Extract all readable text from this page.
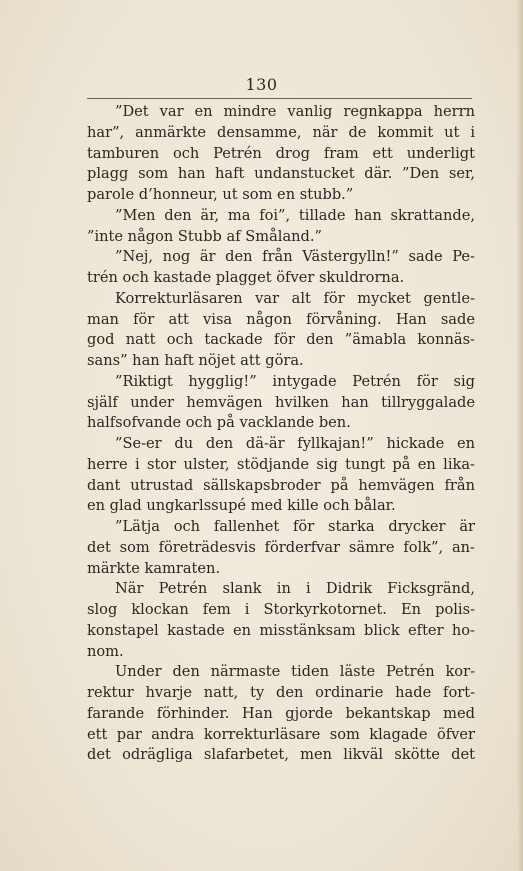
130
”Det var en mindre vanlig regnkappa herrn
har”, anmärkte densamme, när de kommit ut i
tamburen och Petrén drog fram ett underligt
plagg som han haft undanstucket där. ”Den ser,
parole d’honneur, ut som en stubb.”
”Men den är, ma foi”, tillade han skrattande,
”inte någon Stubb af Småland.”
”Nej, nog är den från Västergylln!” sade Pe-
trén och kastade plagget öfver skuldrorna.
Korrekturläsaren var alt för mycket gentle-
man för att visa någon förvåning. Han sade
god natt och tackade för den ”ämabla konnäs-
sans” han haft nöjet att göra.
”Riktigt hygglig!” intygade Petrén för sig
själf under hemvägen hvilken han tillryggalade
halfsofvande och på vacklande ben.
”Se-er du den dä-är fyllkajan!” hickade en
herre i stor ulster, stödjande sig tungt på en lika-
dant utrustad sällskapsbroder på hemvägen från
en glad ungkarlssupé med kille och bålar.
”Lätja och fallenhet för starka drycker är
det som företrädesvis förderfvar sämre folk”, an-
märkte kamraten.
När Petrén slank in i Didrik Ficksgränd,
slog klockan fem i Storkyrkotornet. En polis-
konstapel kastade en misstänksam blick efter ho-
nom.
Under den närmaste tiden läste Petrén kor-
rektur hvarje natt, ty den ordinarie hade fort-
farande förhinder. Han gjorde bekantskap med
ett par andra korrekturläsare som klagade öfver
det odrägliga slafarbetet, men likväl skötte det
